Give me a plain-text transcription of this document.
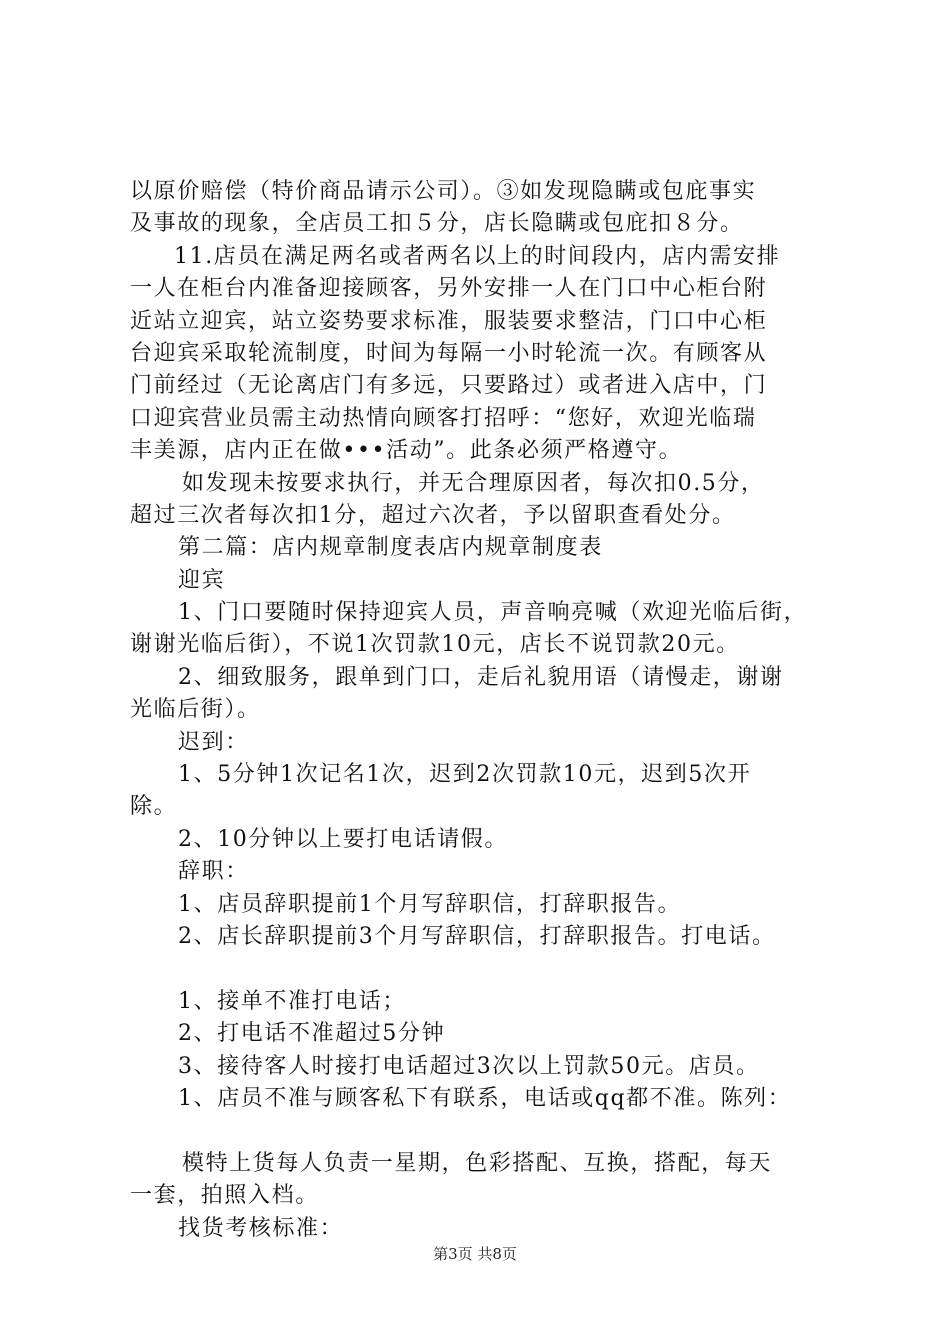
以原价赔偿（特价商品请示公司）。③如发现隐瞒或包庇事实
及事故的现象，全店员工扣５分，店长隐瞒或包庇扣８分。
11.店员在满足两名或者两名以上的时间段内，店内需安排
一人在柜台内准备迎接顾客，另外安排一人在门口中心柜台附
近站立迎宾，站立姿势要求标准，服装要求整洁，门口中心柜
台迎宾采取轮流制度，时间为每隔一小时轮流一次。有顾客从
门前经过（无论离店门有多远，只要路过）或者进入店中，门
口迎宾营业员需主动热情向顾客打招呼：“您好，欢迎光临瑞
丰美源，店内正在做•••活动”。此条必须严格遵守。
如发现未按要求执行，并无合理原因者，每次扣0.5分，
超过三次者每次扣1分，超过六次者，予以留职查看处分。
第二篇：店内规章制度表店内规章制度表
迎宾
1、门口要随时保持迎宾人员，声音响亮喊（欢迎光临后街，
谢谢光临后街），不说1次罚款10元，店长不说罚款20元。
2、细致服务，跟单到门口，走后礼貌用语（请慢走，谢谢
光临后街）。
迟到：
1、5分钟1次记名1次，迟到2次罚款10元，迟到5次开
除。
2、10分钟以上要打电话请假。
辞职：
1、店员辞职提前1个月写辞职信，打辞职报告。
2、店长辞职提前3个月写辞职信，打辞职报告。打电话。
1、接单不准打电话；
2、打电话不准超过5分钟
3、接待客人时接打电话超过3次以上罚款50元。店员。
1、店员不准与顾客私下有联系，电话或qq都不准。陈列：
模特上货每人负责一星期，色彩搭配、互换，搭配，每天
一套，拍照入档。
找货考核标准：
第3页 共8页
